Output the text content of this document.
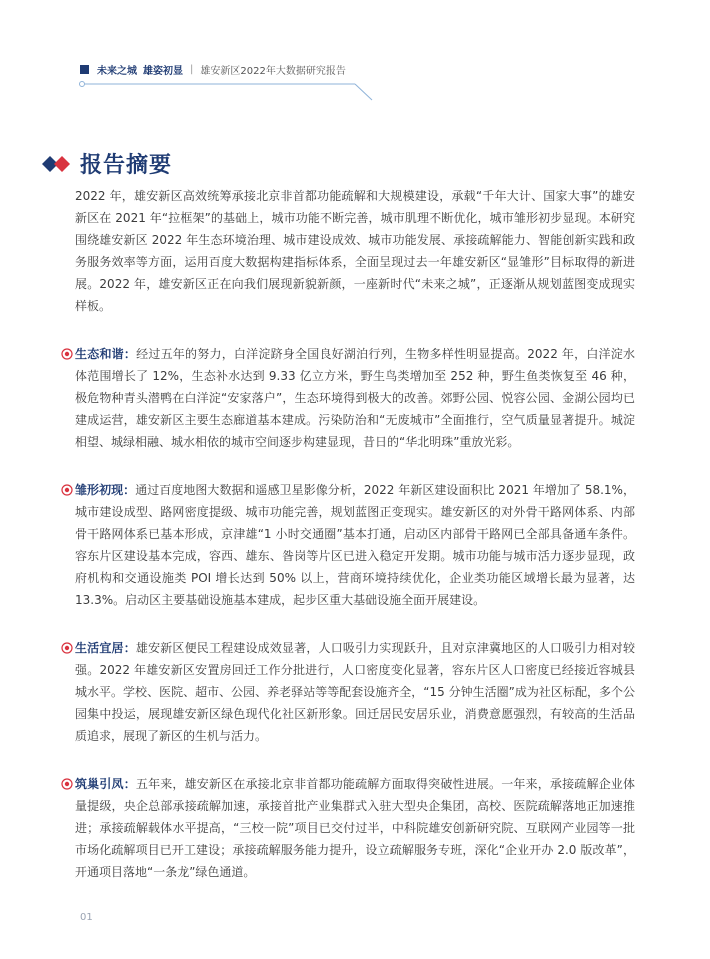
未来之城 雄姿初显 | 雄安新区2022年大数据研究报告
报告摘要

2022 年，雄安新区高效统筹承接北京非首都功能疏解和大规模建设，承载“千年大计、国家大事”的雄安新区在 2021 年“拉框架”的基础上，城市功能不断完善，城市肌理不断优化，城市雏形初步显现。本研究围绕雄安新区 2022 年生态环境治理、城市建设成效、城市功能发展、承接疏解能力、智能创新实践和政务服务效率等方面，运用百度大数据构建指标体系，全面呈现过去一年雄安新区“显雏形”目标取得的新进展。2022 年，雄安新区正在向我们展现新貌新颜，一座新时代“未来之城”，正逐渐从规划蓝图变成现实样板。

生态和谐：经过五年的努力，白洋淀跻身全国良好湖泊行列，生物多样性明显提高。2022 年，白洋淀水体范围增长了 12%，生态补水达到 9.33 亿立方米，野生鸟类增加至 252 种，野生鱼类恢复至 46 种，极危物种青头潜鸭在白洋淀“安家落户”，生态环境得到极大的改善。郊野公园、悦容公园、金湖公园均已建成运营，雄安新区主要生态廊道基本建成。污染防治和“无废城市”全面推行，空气质量显著提升。城淀相望、城绿相融、城水相依的城市空间逐步构建显现，昔日的“华北明珠”重放光彩。
雏形初现：通过百度地图大数据和遥感卫星影像分析，2022 年新区建设面积比 2021 年增加了 58.1%，城市建设成型、路网密度提级、城市功能完善，规划蓝图正变现实。雄安新区的对外骨干路网体系、内部骨干路网体系已基本形成，京津雄“1 小时交通圈”基本打通，启动区内部骨干路网已全部具备通车条件。容东片区建设基本完成，容西、雄东、昝岗等片区已进入稳定开发期。城市功能与城市活力逐步显现，政府机构和交通设施类 POI 增长达到 50% 以上，营商环境持续优化，企业类功能区域增长最为显著，达 13.3%。启动区主要基础设施基本建成，起步区重大基础设施全面开展建设。
生活宜居：雄安新区便民工程建设成效显著，人口吸引力实现跃升，且对京津冀地区的人口吸引力相对较强。2022 年雄安新区安置房回迁工作分批进行，人口密度变化显著，容东片区人口密度已经接近容城县城水平。学校、医院、超市、公园、养老驿站等等配套设施齐全，“15 分钟生活圈”成为社区标配，多个公园集中投运，展现雄安新区绿色现代化社区新形象。回迁居民安居乐业，消费意愿强烈，有较高的生活品质追求，展现了新区的生机与活力。
筑巢引凤：五年来，雄安新区在承接北京非首都功能疏解方面取得突破性进展。一年来，承接疏解企业体量提级，央企总部承接疏解加速，承接首批产业集群式入驻大型央企集团，高校、医院疏解落地正加速推进；承接疏解载体水平提高，“三校一院”项目已交付过半，中科院雄安创新研究院、互联网产业园等一批市场化疏解项目已开工建设；承接疏解服务能力提升，设立疏解服务专班，深化“企业开办 2.0 版改革”，开通项目落地“一条龙”绿色通道。
01
